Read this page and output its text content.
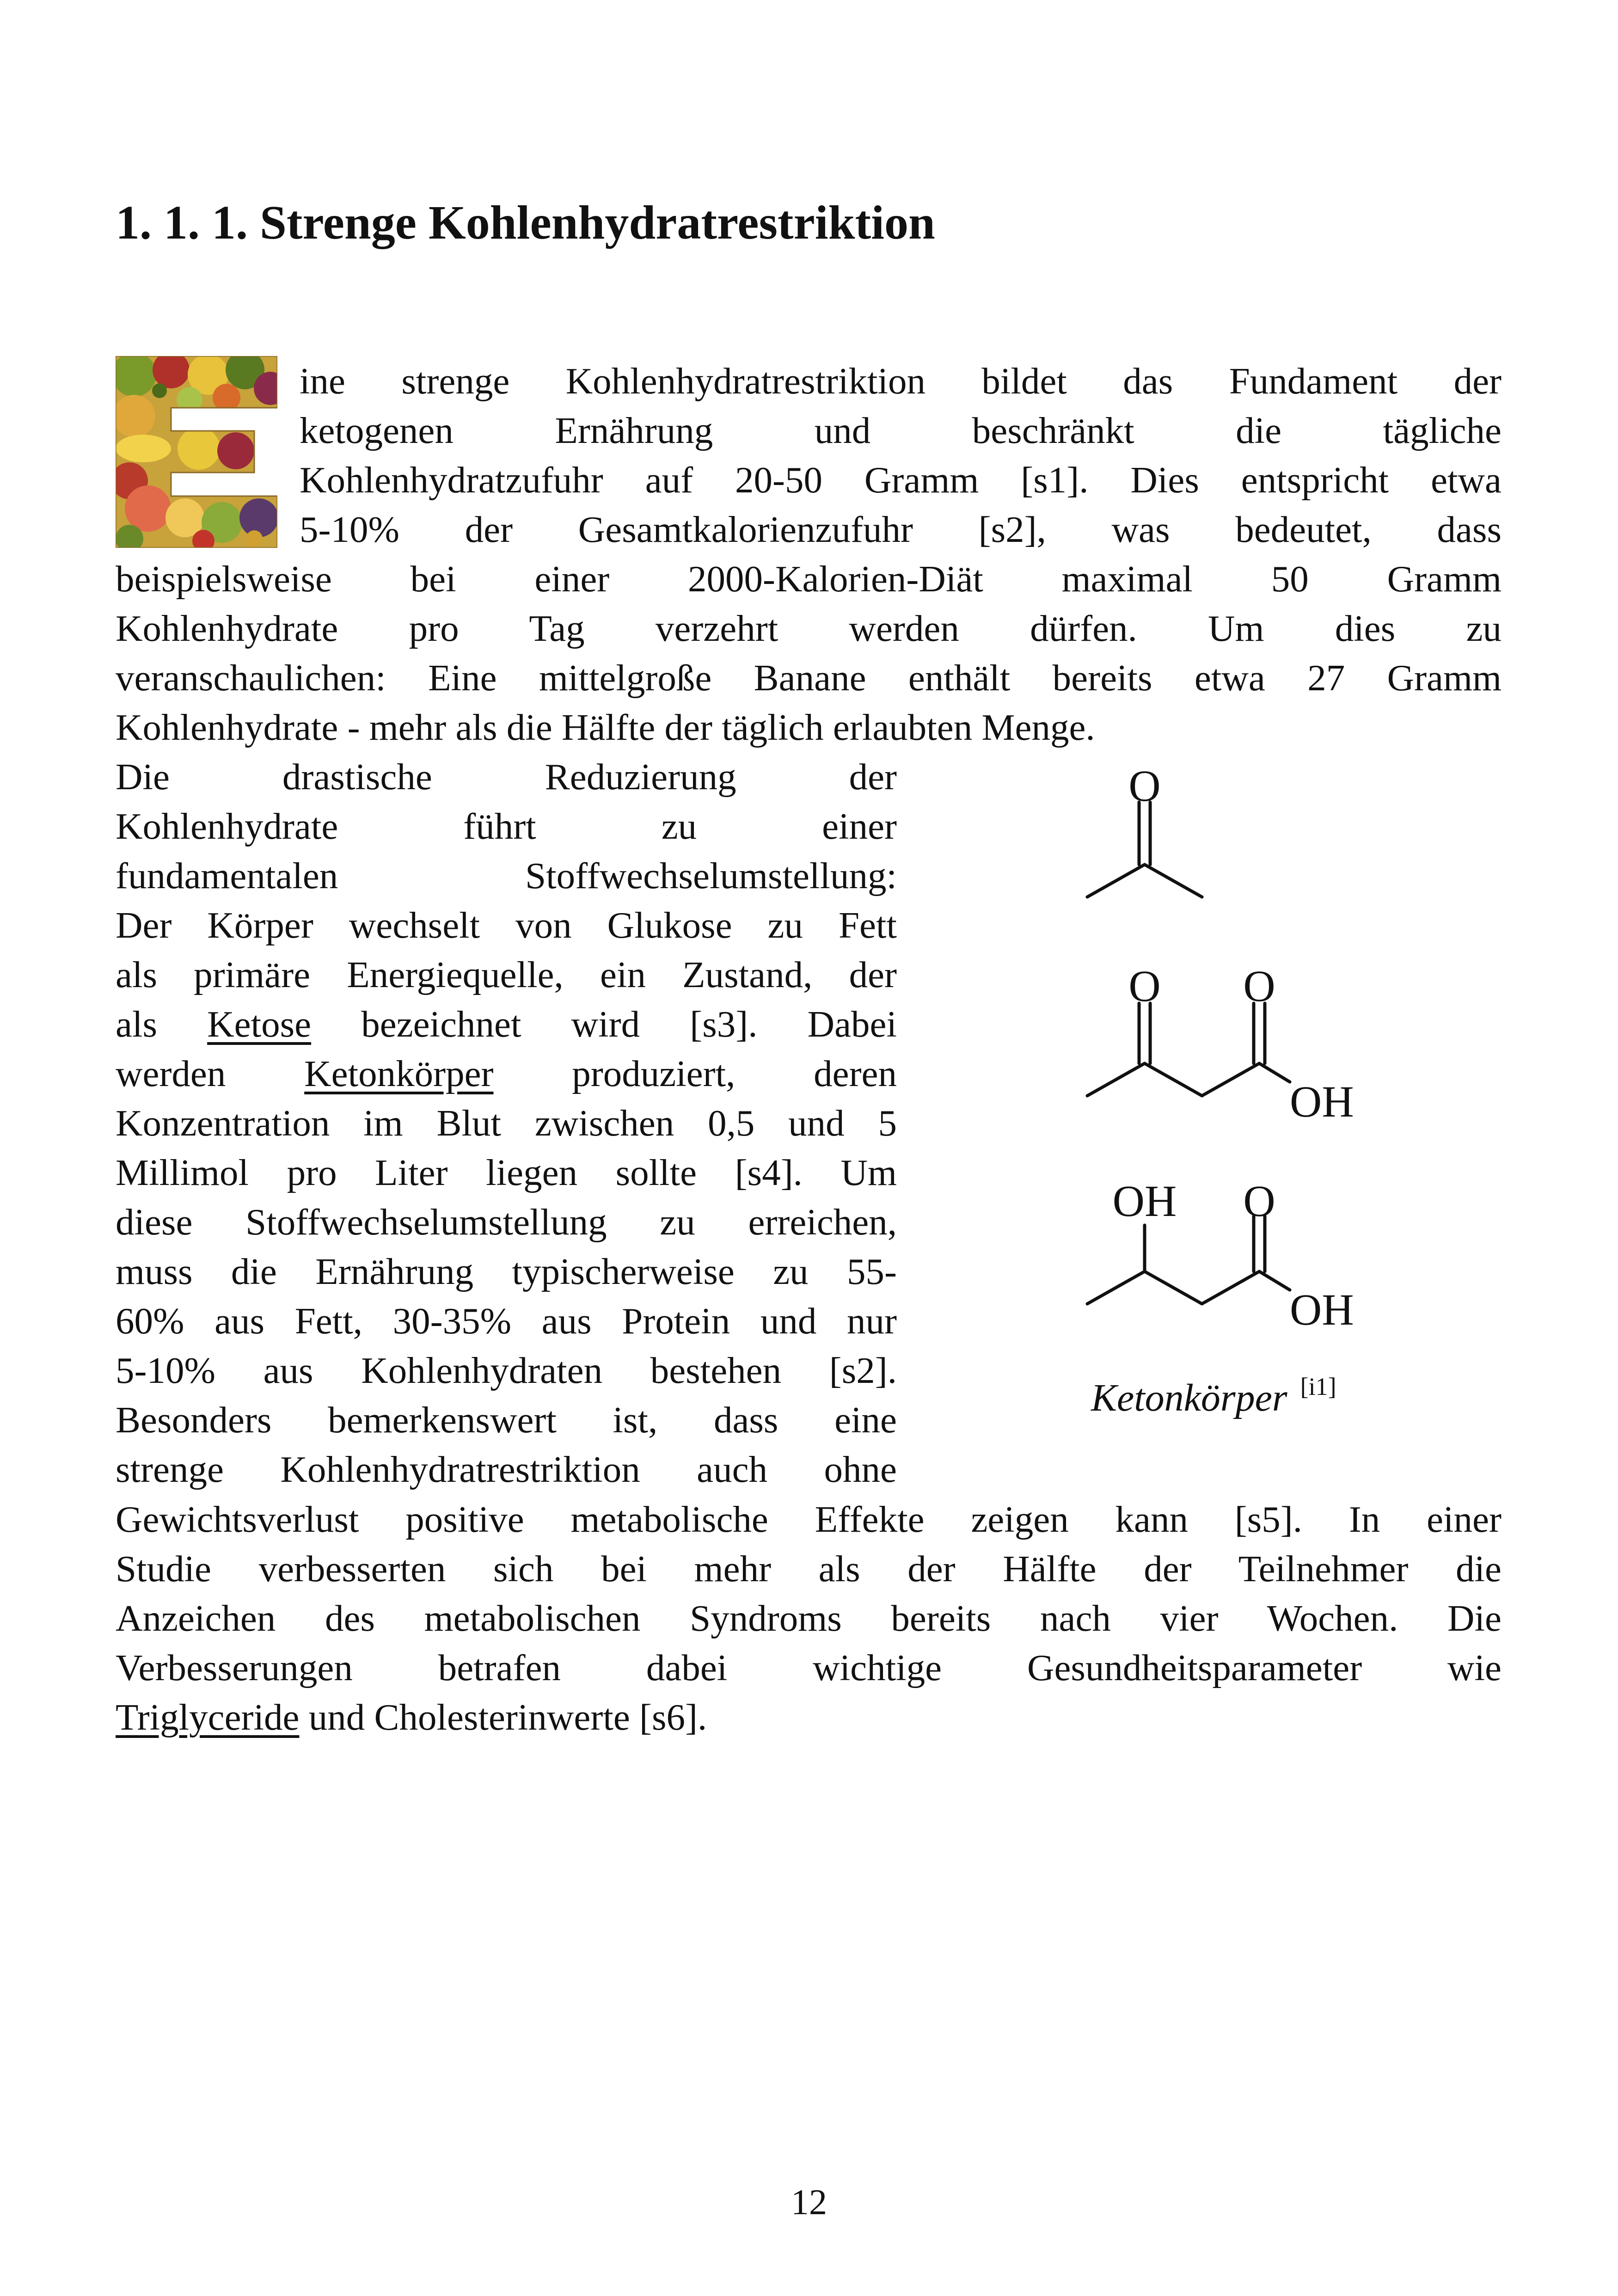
1. 1. 1. Strenge Kohlenhydratrestriktion
ine strenge Kohlenhydratrestriktion bildet das Fundament der
ketogenen Ernährung und beschränkt die tägliche
Kohlenhydratzufuhr auf 20-50 Gramm [s1]. Dies entspricht etwa
5-10% der Gesamtkalorienzufuhr [s2], was bedeutet, dass
beispielsweise bei einer 2000-Kalorien-Diät maximal 50 Gramm
Kohlenhydrate pro Tag verzehrt werden dürfen. Um dies zu
veranschaulichen: Eine mittelgroße Banane enthält bereits etwa 27 Gramm
Kohlenhydrate - mehr als die Hälfte der täglich erlaubten Menge.
Die drastische Reduzierung der
Kohlenhydrate führt zu einer
fundamentalen Stoffwechselumstellung:
Der Körper wechselt von Glukose zu Fett
als primäre Energiequelle, ein Zustand, der
als Ketose bezeichnet wird [s3]. Dabei
werden Ketonkörper produziert, deren
Konzentration im Blut zwischen 0,5 und 5
Millimol pro Liter liegen sollte [s4]. Um
diese Stoffwechselumstellung zu erreichen,
muss die Ernährung typischerweise zu 55-
60% aus Fett, 30-35% aus Protein und nur
5-10% aus Kohlenhydraten bestehen [s2].
Besonders bemerkenswert ist, dass eine
strenge Kohlenhydratrestriktion auch ohne
Gewichtsverlust positive metabolische Effekte zeigen kann [s5]. In einer
Studie verbesserten sich bei mehr als der Hälfte der Teilnehmer die
Anzeichen des metabolischen Syndroms bereits nach vier Wochen. Die
Verbesserungen betrafen dabei wichtige Gesundheitsparameter wie
Triglyceride und Cholesterinwerte [s6].
O
O O
OH
OH O
OH
Ketonkörper [i1]
12
